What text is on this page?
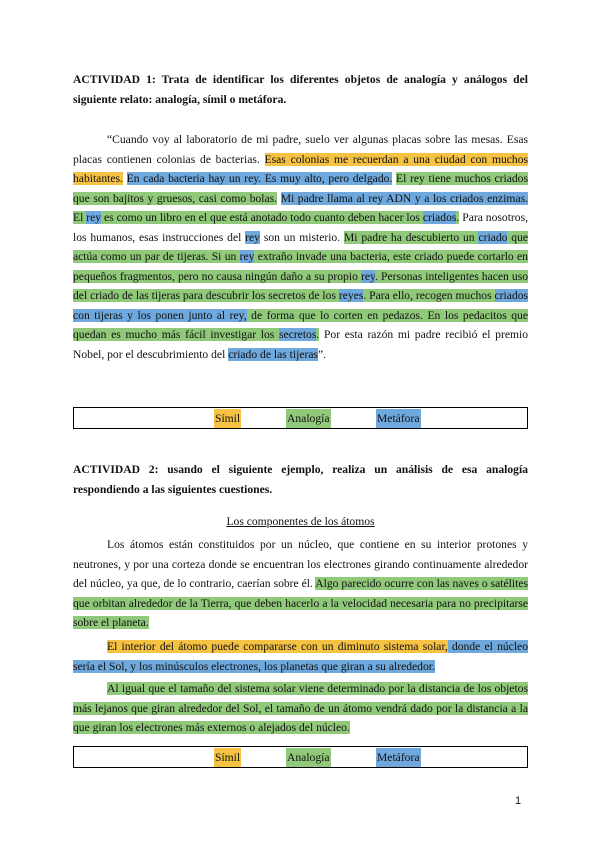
ACTIVIDAD 1: Trata de identificar los diferentes objetos de analogía y análogos del siguiente relato: analogía, símil o metáfora.
“Cuando voy al laboratorio de mi padre, suelo ver algunas placas sobre las mesas. Esas placas contienen colonias de bacterias. Esas colonias me recuerdan a una ciudad con muchos habitantes. En cada bacteria hay un rey. Es muy alto, pero delgado. El rey tiene muchos criados que son bajitos y gruesos, casi como bolas. Mi padre llama al rey ADN y a los criados enzimas. El rey es como un libro en el que está anotado todo cuanto deben hacer los criados. Para nosotros, los humanos, esas instrucciones del rey son un misterio. Mi padre ha descubierto un criado que actúa como un par de tijeras. Si un rey extraño invade una bacteria, este criado puede cortarlo en pequeños fragmentos, pero no causa ningún daño a su propio rey. Personas inteligentes hacen uso del criado de las tijeras para descubrir los secretos de los reyes. Para ello, recogen muchos criados con tijeras y los ponen junto al rey, de forma que lo corten en pedazos. En los pedacitos que quedan es mucho más fácil investigar los secretos. Por esta razón mi padre recibió el premio Nobel, por el descubrimiento del criado de las tijeras”.
Símil	Analogía	Metáfora
ACTIVIDAD 2: usando el siguiente ejemplo, realiza un análisis de esa analogía respondiendo a las siguientes cuestiones.
Los componentes de los átomos
Los átomos están constituidos por un núcleo, que contiene en su interior protones y neutrones, y por una corteza donde se encuentran los electrones girando continuamente alrededor del núcleo, ya que, de lo contrario, caerían sobre él. Algo parecido ocurre con las naves o satélites que orbitan alrededor de la Tierra, que deben hacerlo a la velocidad necesaria para no precipitarse sobre el planeta.
El interior del átomo puede compararse con un diminuto sistema solar, donde el núcleo sería el Sol, y los minúsculos electrones, los planetas que giran a su alrededor.
Al igual que el tamaño del sistema solar viene determinado por la distancia de los objetos más lejanos que giran alrededor del Sol, el tamaño de un átomo vendrá dado por la distancia a la que giran los electrones más externos o alejados del núcleo.
Símil	Analogía	Metáfora
1
